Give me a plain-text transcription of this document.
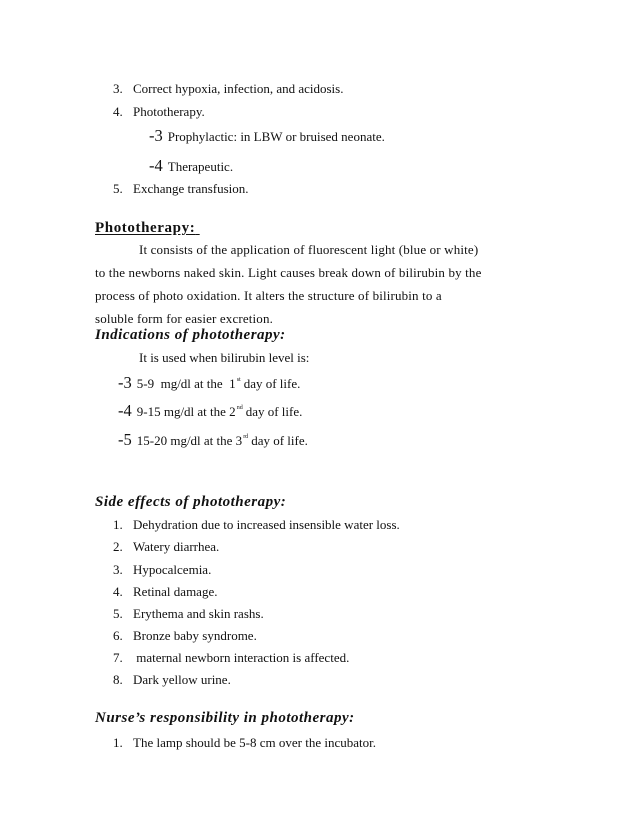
3. Correct hypoxia, infection, and acidosis.
4. Phototherapy.
-3 Prophylactic: in LBW or bruised neonate.
-4 Therapeutic.
5. Exchange transfusion.
Phototherapy:
It consists of the application of fluorescent light (blue or white)
to the newborns naked skin. Light causes break down of bilirubin by the
process of photo oxidation. It alters the structure of bilirubin to a
soluble form for easier excretion.
Indications of phototherapy:
It is used when bilirubin level is:
-3 5-9  mg/dl at the  1st day of life.
-4 9-15 mg/dl at the 2nd day of life.
-5 15-20 mg/dl at the 3rd day of life.
Side effects of phototherapy:
1. Dehydration due to increased insensible water loss.
2. Watery diarrhea.
3. Hypocalcemia.
4. Retinal damage.
5. Erythema and skin rashs.
6. Bronze baby syndrome.
7. maternal newborn interaction is affected.
8. Dark yellow urine.
Nurse’s responsibility in phototherapy:
1. The lamp should be 5-8 cm over the incubator.
